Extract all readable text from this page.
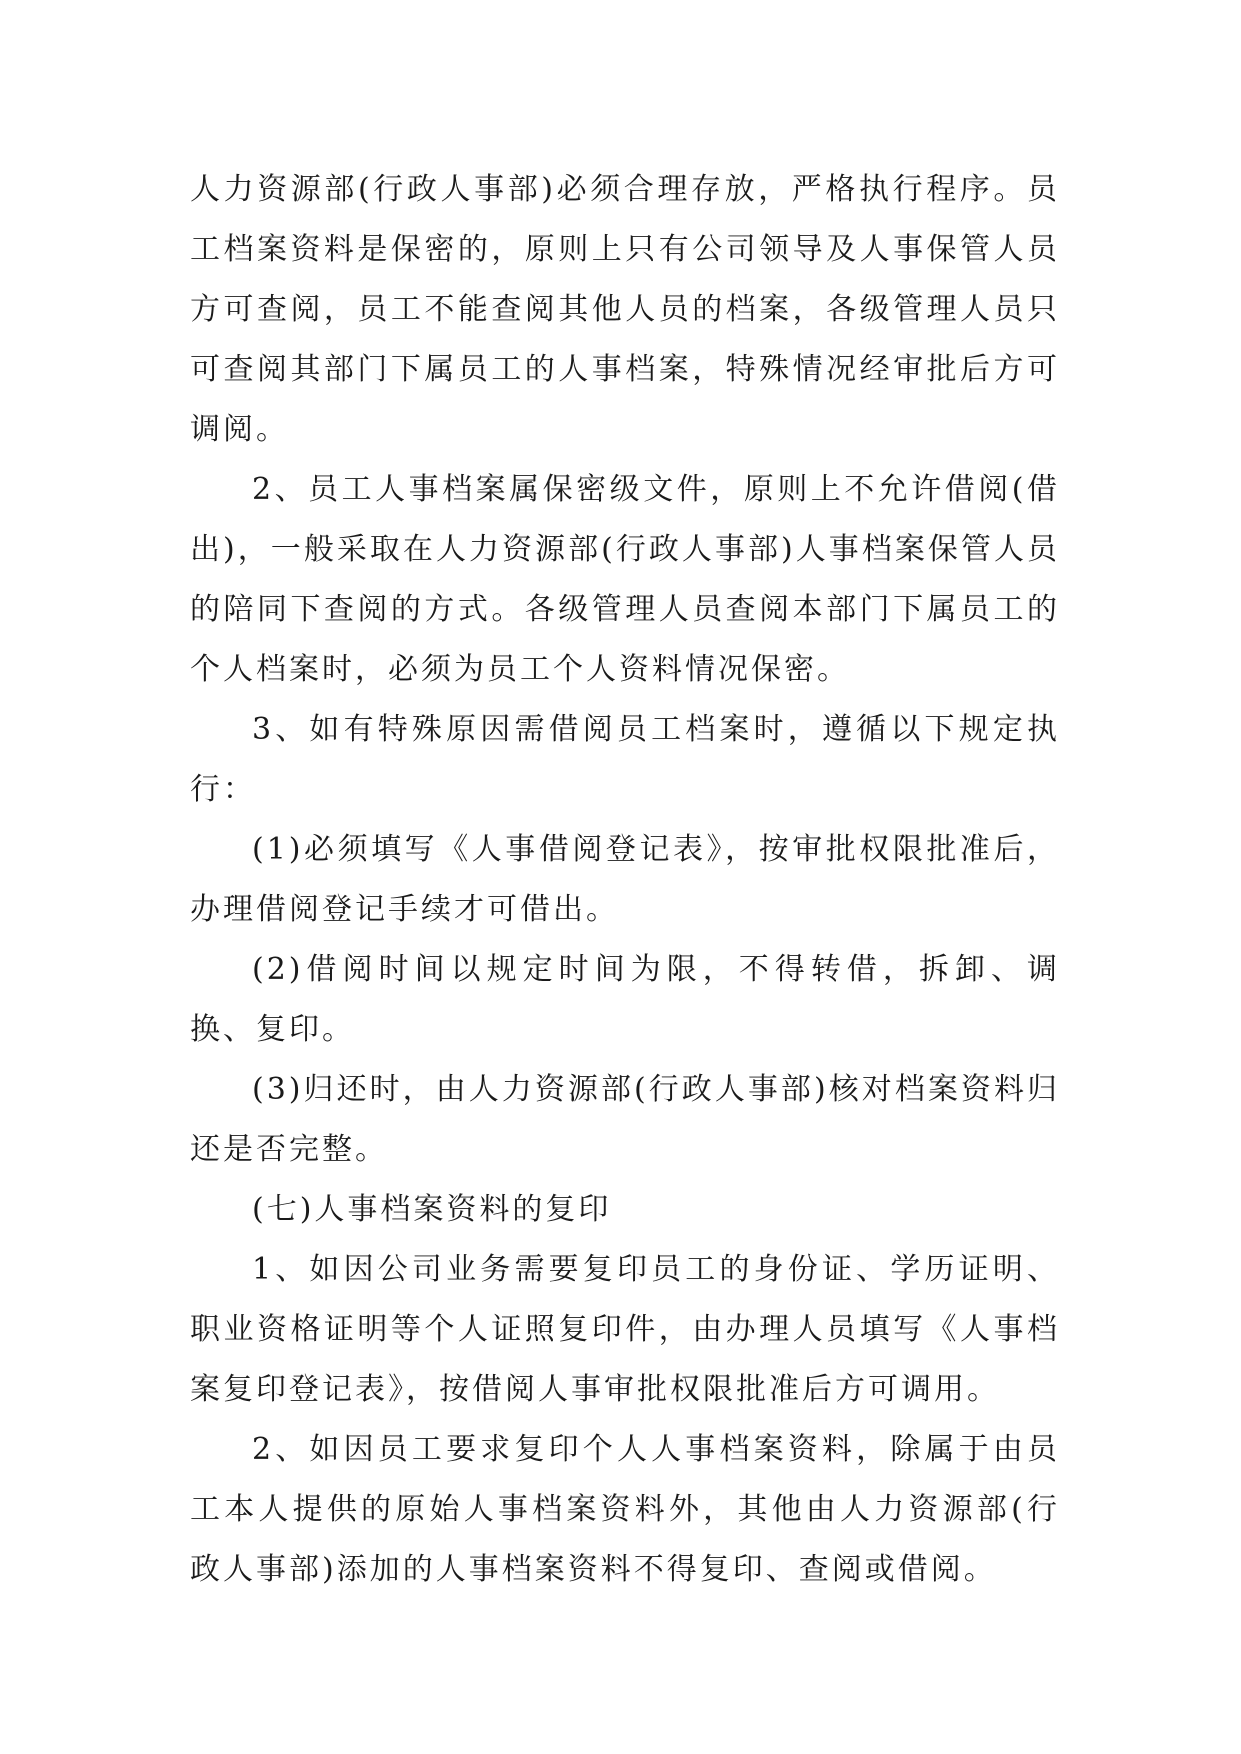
人力资源部(行政人事部)必须合理存放，严格执行程序。员工档案资料是保密的，原则上只有公司领导及人事保管人员方可查阅，员工不能查阅其他人员的档案，各级管理人员只可查阅其部门下属员工的人事档案，特殊情况经审批后方可调阅。

2、员工人事档案属保密级文件，原则上不允许借阅(借出)，一般采取在人力资源部(行政人事部)人事档案保管人员的陪同下查阅的方式。各级管理人员查阅本部门下属员工的个人档案时，必须为员工个人资料情况保密。

3、如有特殊原因需借阅员工档案时，遵循以下规定执行：

(1)必须填写《人事借阅登记表》，按审批权限批准后，办理借阅登记手续才可借出。

(2)借阅时间以规定时间为限，不得转借，拆卸、调换、复印。

(3)归还时，由人力资源部(行政人事部)核对档案资料归还是否完整。

(七)人事档案资料的复印

1、如因公司业务需要复印员工的身份证、学历证明、职业资格证明等个人证照复印件，由办理人员填写《人事档案复印登记表》，按借阅人事审批权限批准后方可调用。

2、如因员工要求复印个人人事档案资料，除属于由员工本人提供的原始人事档案资料外，其他由人力资源部(行政人事部)添加的人事档案资料不得复印、查阅或借阅。
